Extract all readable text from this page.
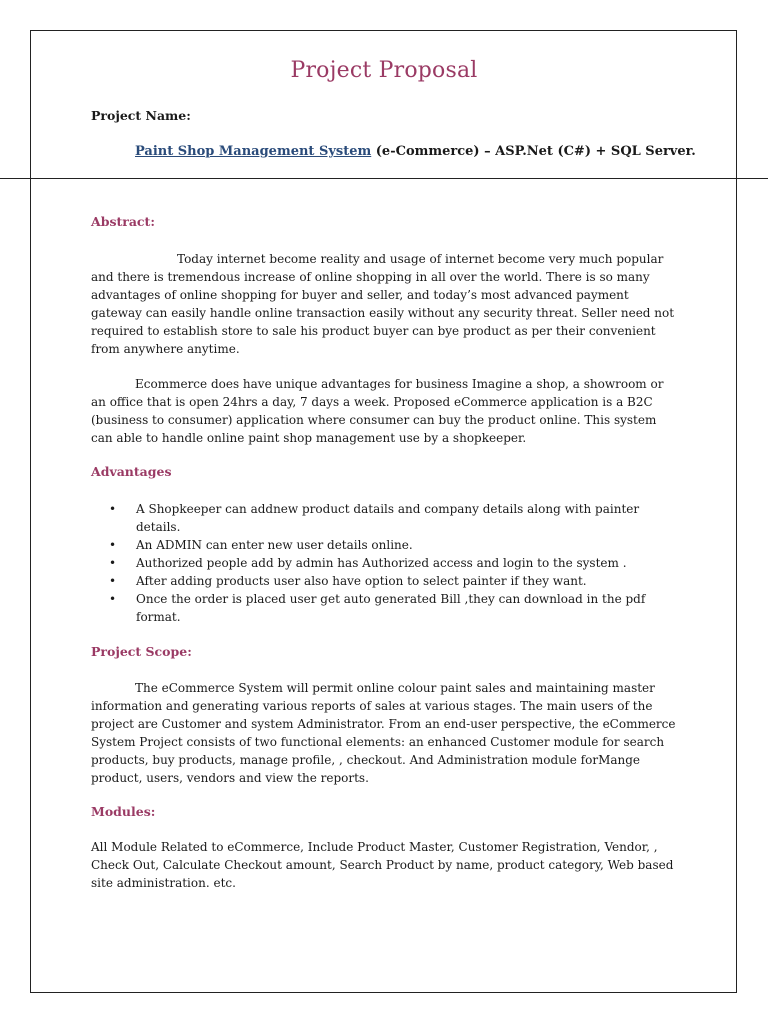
Project Proposal
Project Name:
Paint Shop Management System (e-Commerce) – ASP.Net (C#) + SQL Server.
Abstract:
Today internet become reality and usage of internet become very much popular and there is tremendous increase of online shopping in all over the world. There is so many advantages of online shopping for buyer and seller, and today’s most advanced payment gateway can easily handle online transaction easily without any security threat. Seller need not required to establish store to sale his product buyer can bye product as per their convenient from anywhere anytime.
Ecommerce does have unique advantages for business Imagine a shop, a showroom or an office that is open 24hrs a day, 7 days a week. Proposed eCommerce application is a B2C (business to consumer) application where consumer can buy the product online. This system can able to handle online paint shop management use by a shopkeeper.
Advantages
• A Shopkeeper can addnew product datails and company details along with painter details.
• An ADMIN can enter new user details online.
• Authorized people add by admin has Authorized access and login to the system .
• After adding products user also have option to select painter if they want.
• Once the order is placed user get auto generated Bill ,they can download in the pdf format.
Project Scope:
The eCommerce System will permit online colour paint sales and maintaining master information and generating various reports of sales at various stages. The main users of the project are Customer and system Administrator. From an end-user perspective, the eCommerce System Project consists of two functional elements: an enhanced Customer module for search products, buy products, manage profile, , checkout. And Administration module forMange product, users, vendors and view the reports.
Modules:
All Module Related to eCommerce, Include Product Master, Customer Registration, Vendor, , Check Out, Calculate Checkout amount, Search Product by name, product category, Web based site administration. etc.
